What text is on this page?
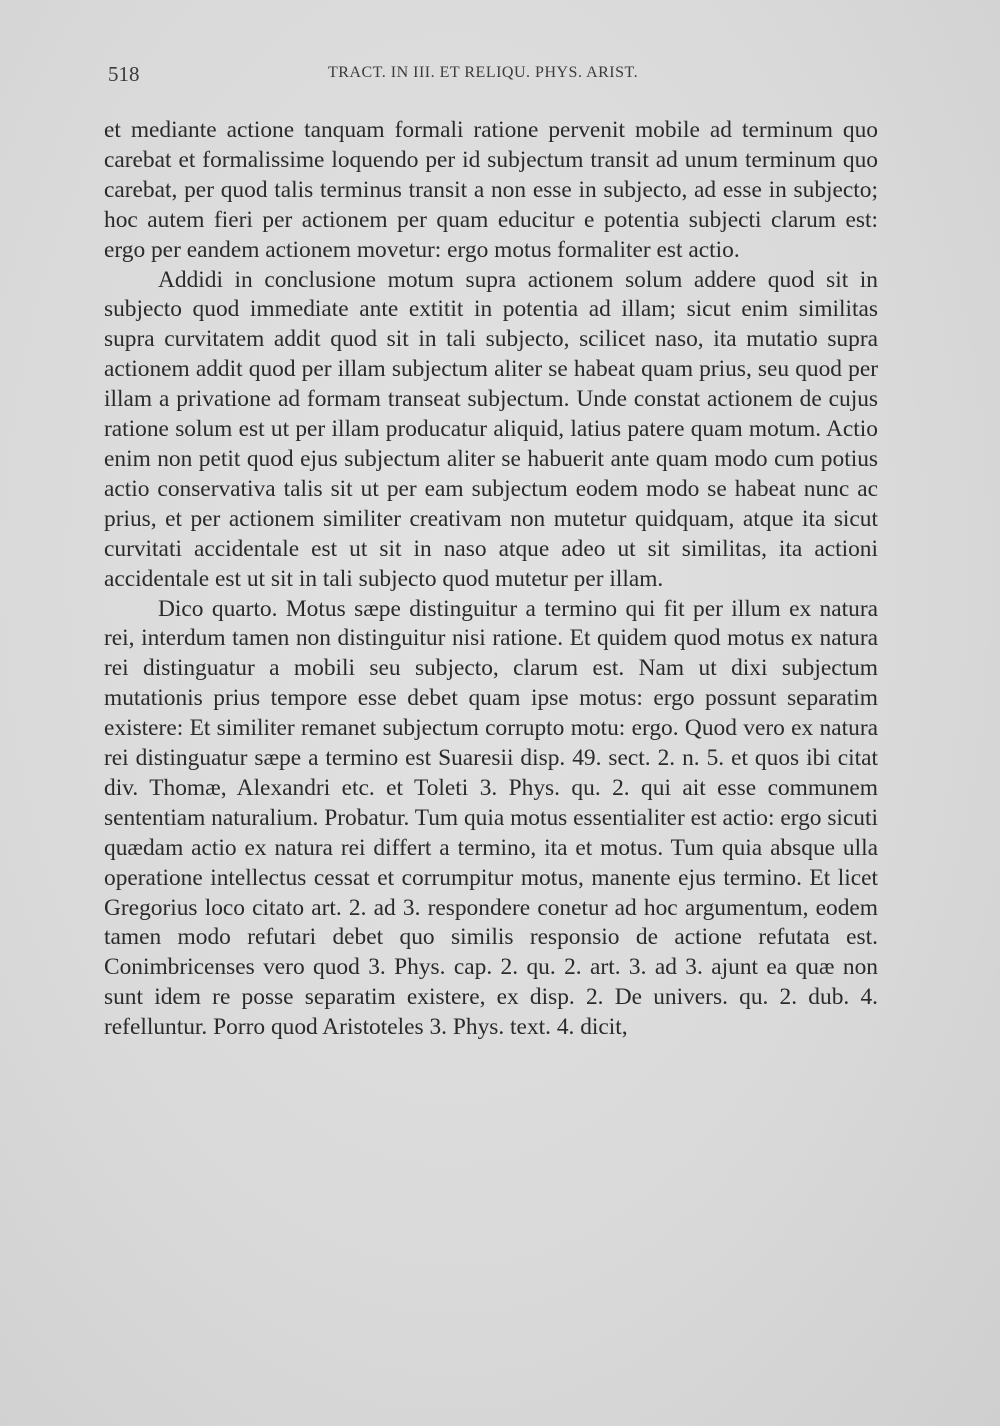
518	TRACT. IN III. ET RELIQU. PHYS. ARIST.

et mediante actione tanquam formali ratione pervenit mobile ad terminum quo carebat et formalissime loquendo per id subjectum transit ad unum terminum quo carebat, per quod talis terminus transit a non esse in subjecto, ad esse in subjecto; hoc autem fieri per actionem per quam educitur e potentia subjecti clarum est: ergo per eandem actionem movetur: ergo motus formaliter est actio.

Addidi in conclusione motum supra actionem solum addere quod sit in subjecto quod immediate ante extitit in potentia ad illam; sicut enim similitas supra curvitatem addit quod sit in tali subjecto, scilicet naso, ita mutatio supra actionem addit quod per illam subjectum aliter se habeat quam prius, seu quod per illam a privatione ad formam transeat subjectum. Unde constat actionem de cujus ratione solum est ut per illam producatur aliquid, latius patere quam motum. Actio enim non petit quod ejus subjectum aliter se habuerit ante quam modo cum potius actio conservativa talis sit ut per eam subjectum eodem modo se habeat nunc ac prius, et per actionem similiter creativam non mutetur quidquam, atque ita sicut curvitati accidentale est ut sit in naso atque adeo ut sit similitas, ita actioni accidentale est ut sit in tali subjecto quod mutetur per illam.

Dico quarto. Motus sæpe distinguitur a termino qui fit per illum ex natura rei, interdum tamen non distinguitur nisi ratione. Et quidem quod motus ex natura rei distinguatur a mobili seu subjecto, clarum est. Nam ut dixi subjectum mutationis prius tempore esse debet quam ipse motus: ergo possunt separatim existere: Et similiter remanet subjectum corrupto motu: ergo. Quod vero ex natura rei distinguatur sæpe a termino est Suaresii disp. 49. sect. 2. n. 5. et quos ibi citat div. Thomæ, Alexandri etc. et Toleti 3. Phys. qu. 2. qui ait esse communem sententiam naturalium. Probatur. Tum quia motus essentialiter est actio: ergo sicuti quædam actio ex natura rei differt a termino, ita et motus. Tum quia absque ulla operatione intellectus cessat et corrumpitur motus, manente ejus termino. Et licet Gregorius loco citato art. 2. ad 3. respondere conetur ad hoc argumentum, eodem tamen modo refutari debet quo similis responsio de actione refutata est. Conimbricenses vero quod 3. Phys. cap. 2. qu. 2. art. 3. ad 3. ajunt ea quæ non sunt idem re posse separatim existere, ex disp. 2. De univers. qu. 2. dub. 4. refelluntur. Porro quod Aristoteles 3. Phys. text. 4. dicit,
